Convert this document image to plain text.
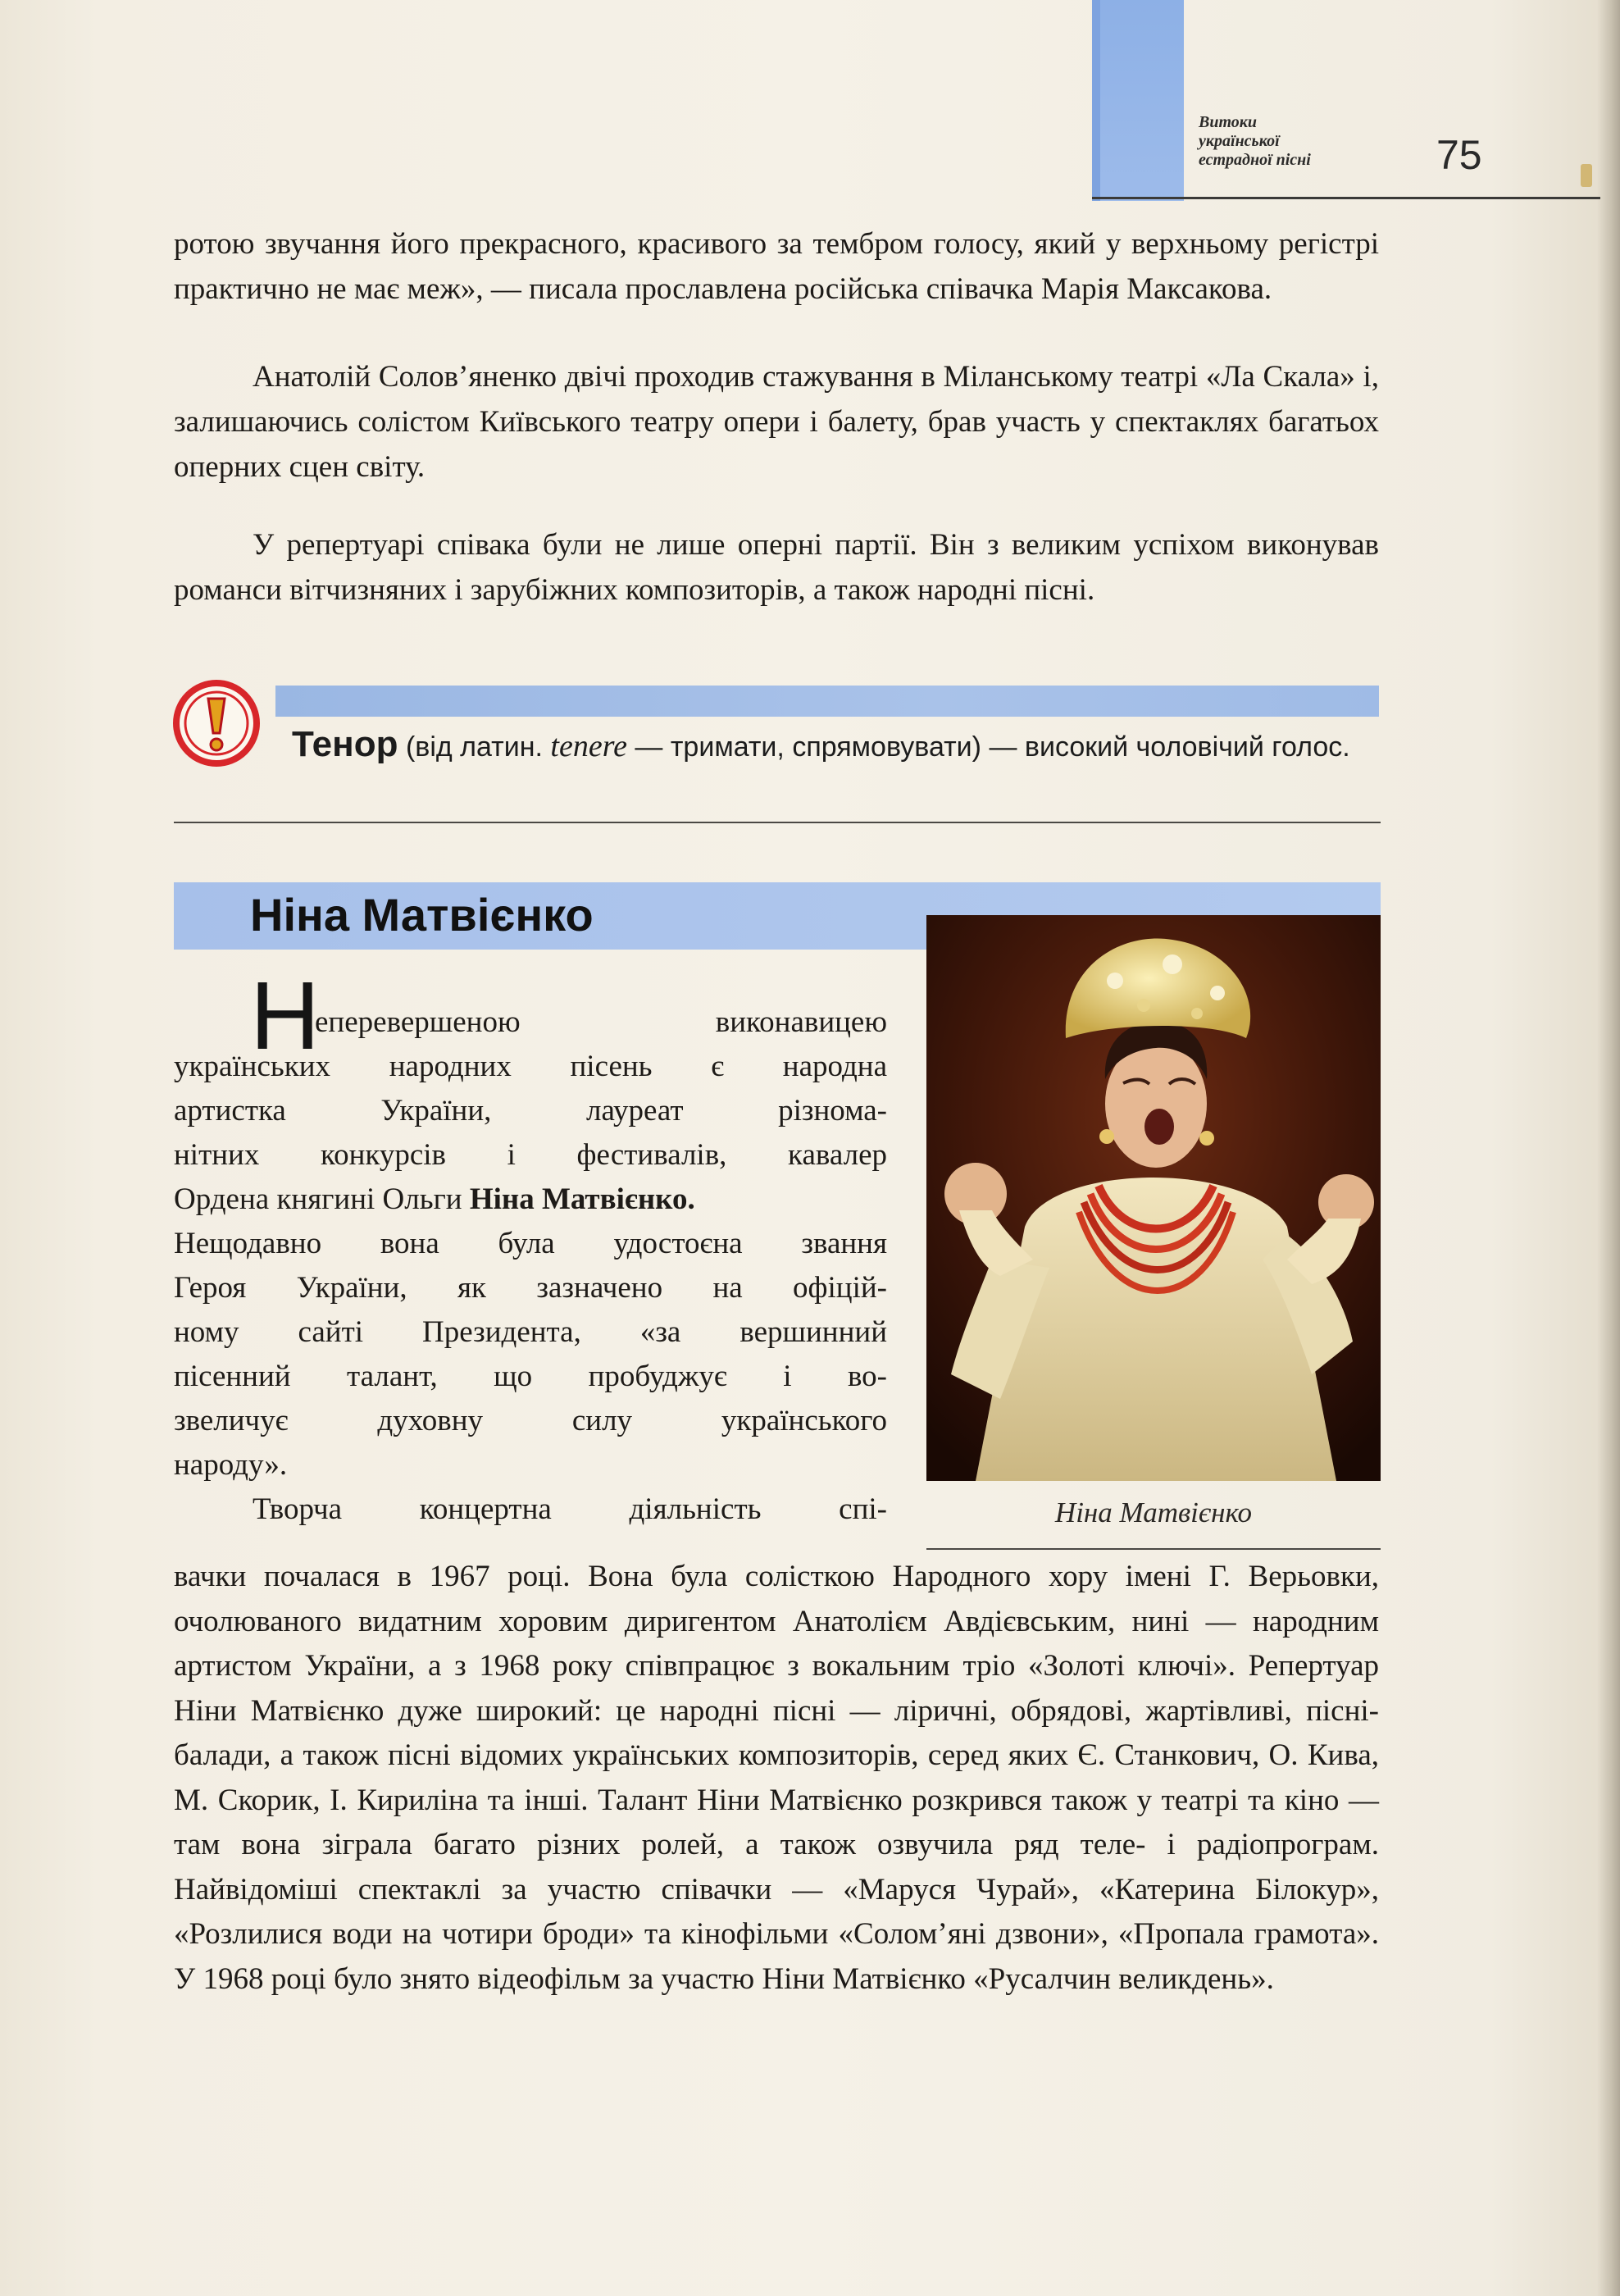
Витоки
української
естрадної пісні	75

ротою звучання його прекрасного, красивого за тембром голосу, який у верхньому регістрі практично не має меж», — писала прославлена російська співачка Марія Максакова.

Анатолій Солов’яненко двічі проходив стажування в Міланському театрі «Ла Скала» і, залишаючись солістом Київського театру опери і балету, брав участь у спектаклях багатьох оперних сцен світу.

У репертуарі співака були не лише оперні партії. Він з великим успіхом виконував романси вітчизняних і зарубіжних композиторів, а також народні пісні.

Тенор (від латин. tenere — тримати, спрямовувати) — високий чоловічий голос.

Ніна Матвієнко
Ніна Матвієнко
Н
еперевершеною виконавицею
українських народних пісень є народна
артистка України, лауреат різнома-
нітних конкурсів і фестивалів, кавалер
Ордена княгині Ольги Ніна Матвієнко.
Нещодавно вона була удостоєна звання
Героя України, як зазначено на офіцій-
ному сайті Президента, «за вершинний
пісенний талант, що пробуджує і во-
звеличує духовну силу українського
народу».
Творча концертна діяльність спі-

вачки почалася в 1967 році. Вона була солісткою Народного хору імені Г. Верьовки, очолюваного видатним хоровим диригентом Анатолієм Авдієвським, нині — народним артистом України, а з 1968 року співпрацює з вокальним тріо «Золоті ключі». Репертуар Ніни Матвієнко дуже широкий: це народні пісні — ліричні, обрядові, жартівливі, пісні-балади, а також пісні відомих українських композиторів, серед яких Є. Станкович, О. Кива, М. Скорик, І. Кириліна та інші. Талант Ніни Матвієнко розкрився також у театрі та кіно — там вона зіграла багато різних ролей, а також озвучила ряд теле- і радіопрограм. Найвідоміші спектаклі за участю співачки — «Маруся Чурай», «Катерина Білокур», «Розлилися води на чотири броди» та кінофільми «Солом’яні дзвони», «Пропала грамота». У 1968 році було знято відеофільм за участю Ніни Матвієнко «Русалчин великдень».
